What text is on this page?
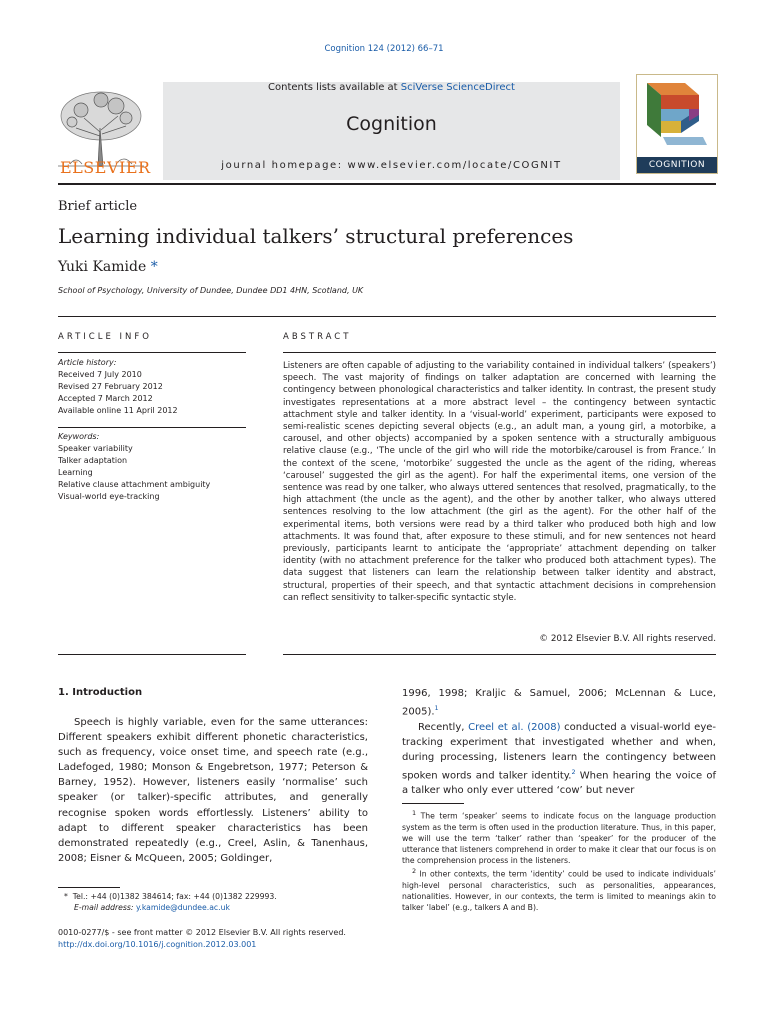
Cognition 124 (2012) 66–71
ELSEVIER
Contents lists available at SciVerse ScienceDirect
Cognition
journal homepage: www.elsevier.com/locate/COGNIT	COGNITION
Brief article
Learning individual talkers’ structural preferences
Yuki Kamide *
School of Psychology, University of Dundee, Dundee DD1 4HN, Scotland, UK
ARTICLE INFO
Article history:
Received 7 July 2010
Revised 27 February 2012
Accepted 7 March 2012
Available online 11 April 2012
Keywords:
Speaker variability
Talker adaptation
Learning
Relative clause attachment ambiguity
Visual-world eye-tracking
ABSTRACT
Listeners are often capable of adjusting to the variability contained in individual talkers’ (speakers’) speech. The vast majority of findings on talker adaptation are concerned with learning the contingency between phonological characteristics and talker identity. In contrast, the present study investigates representations at a more abstract level – the contingency between syntactic attachment style and talker identity. In a ‘visual-world’ experiment, participants were exposed to semi-realistic scenes depicting several objects (e.g., an adult man, a young girl, a motorbike, a carousel, and other objects) accompanied by a spoken sentence with a structurally ambiguous relative clause (e.g., ‘The uncle of the girl who will ride the motorbike/carousel is from France.’ In the context of the scene, ‘motorbike’ suggested the uncle as the agent of the riding, whereas ‘carousel’ suggested the girl as the agent). For half the experimental items, one version of the sentence was read by one talker, who always uttered sentences that resolved, pragmatically, to the high attachment (the uncle as the agent), and the other by another talker, who always uttered sentences resolving to the low attachment (the girl as the agent). For the other half of the experimental items, both versions were read by a third talker who produced both high and low attachments. It was found that, after exposure to these stimuli, and for new sentences not heard previously, participants learnt to anticipate the ‘appropriate’ attachment depending on talker identity (with no attachment preference for the talker who produced both attachment types). The data suggest that listeners can learn the relationship between talker identity and abstract, structural, properties of their speech, and that syntactic attachment decisions in comprehension can reflect sensitivity to talker-specific syntactic style.
© 2012 Elsevier B.V. All rights reserved.
1. Introduction

Speech is highly variable, even for the same utterances: Different speakers exhibit different phonetic characteristics, such as frequency, voice onset time, and speech rate (e.g., Ladefoged, 1980; Monson & Engebretson, 1977; Peterson & Barney, 1952). However, listeners easily ‘normalise’ such speaker (or talker)-specific attributes, and generally recognise spoken words effortlessly. Listeners’ ability to adapt to different speaker characteristics has been demonstrated repeatedly (e.g., Creel, Aslin, & Tanenhaus, 2008; Eisner & McQueen, 2005; Goldinger,

1996, 1998; Kraljic & Samuel, 2006; McLennan & Luce, 2005).$^1$

Recently, Creel et al. (2008) conducted a visual-world eye-tracking experiment that investigated whether and when, during processing, listeners learn the contingency between spoken words and talker identity.$^2$ When hearing the voice of a talker who only ever uttered ‘cow’ but never

$^1$ The term ‘speaker’ seems to indicate focus on the language production system as the term is often used in the production literature. Thus, in this paper, we will use the term ‘talker’ rather than ‘speaker’ for the producer of the utterance that listeners comprehend in order to make it clear that our focus is on the comprehension process in the listeners.
$^2$ In other contexts, the term ‘identity’ could be used to indicate individuals’ high-level personal characteristics, such as personalities, appearances, nationalities. However, in our contexts, the term is limited to meanings akin to talker ‘label’ (e.g., talkers A and B).
* Tel.: +44 (0)1382 384614; fax: +44 (0)1382 229993.
E-mail address: y.kamide@dundee.ac.uk
0010-0277/$ - see front matter © 2012 Elsevier B.V. All rights reserved.
http://dx.doi.org/10.1016/j.cognition.2012.03.001
